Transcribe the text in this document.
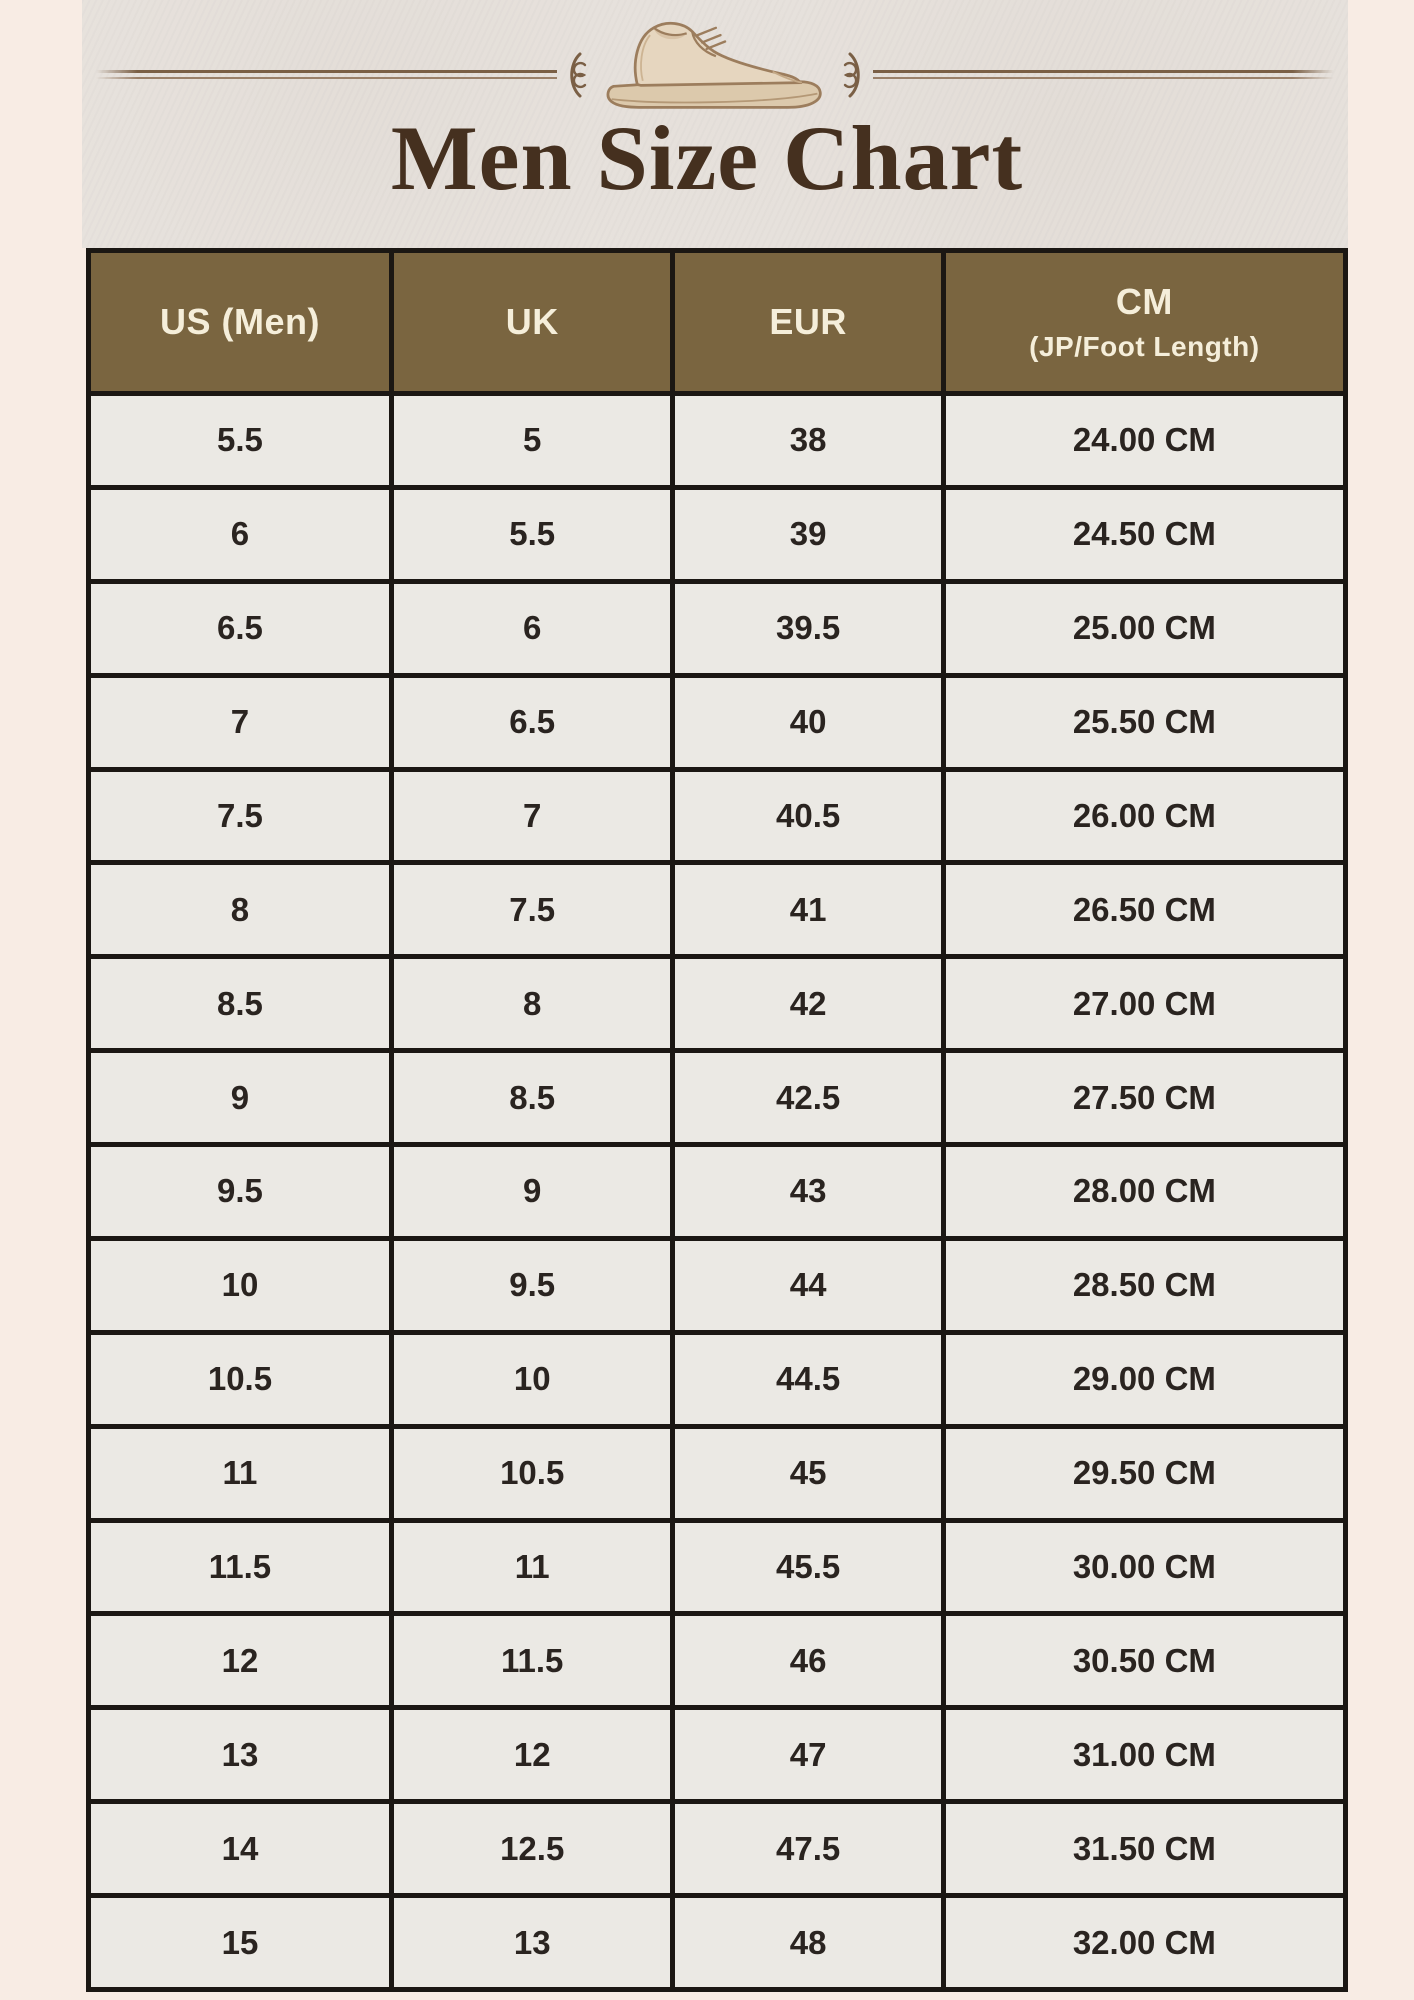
Men Size Chart
US (Men)	UK	EUR	CM
(JP/Foot Length)

5.5	5	38	24.00 CM
6	5.5	39	24.50 CM
6.5	6	39.5	25.00 CM
7	6.5	40	25.50 CM
7.5	7	40.5	26.00 CM
8	7.5	41	26.50 CM
8.5	8	42	27.00 CM
9	8.5	42.5	27.50 CM
9.5	9	43	28.00 CM
10	9.5	44	28.50 CM
10.5	10	44.5	29.00 CM
11	10.5	45	29.50 CM
11.5	11	45.5	30.00 CM
12	11.5	46	30.50 CM
13	12	47	31.00 CM
14	12.5	47.5	31.50 CM
15	13	48	32.00 CM
